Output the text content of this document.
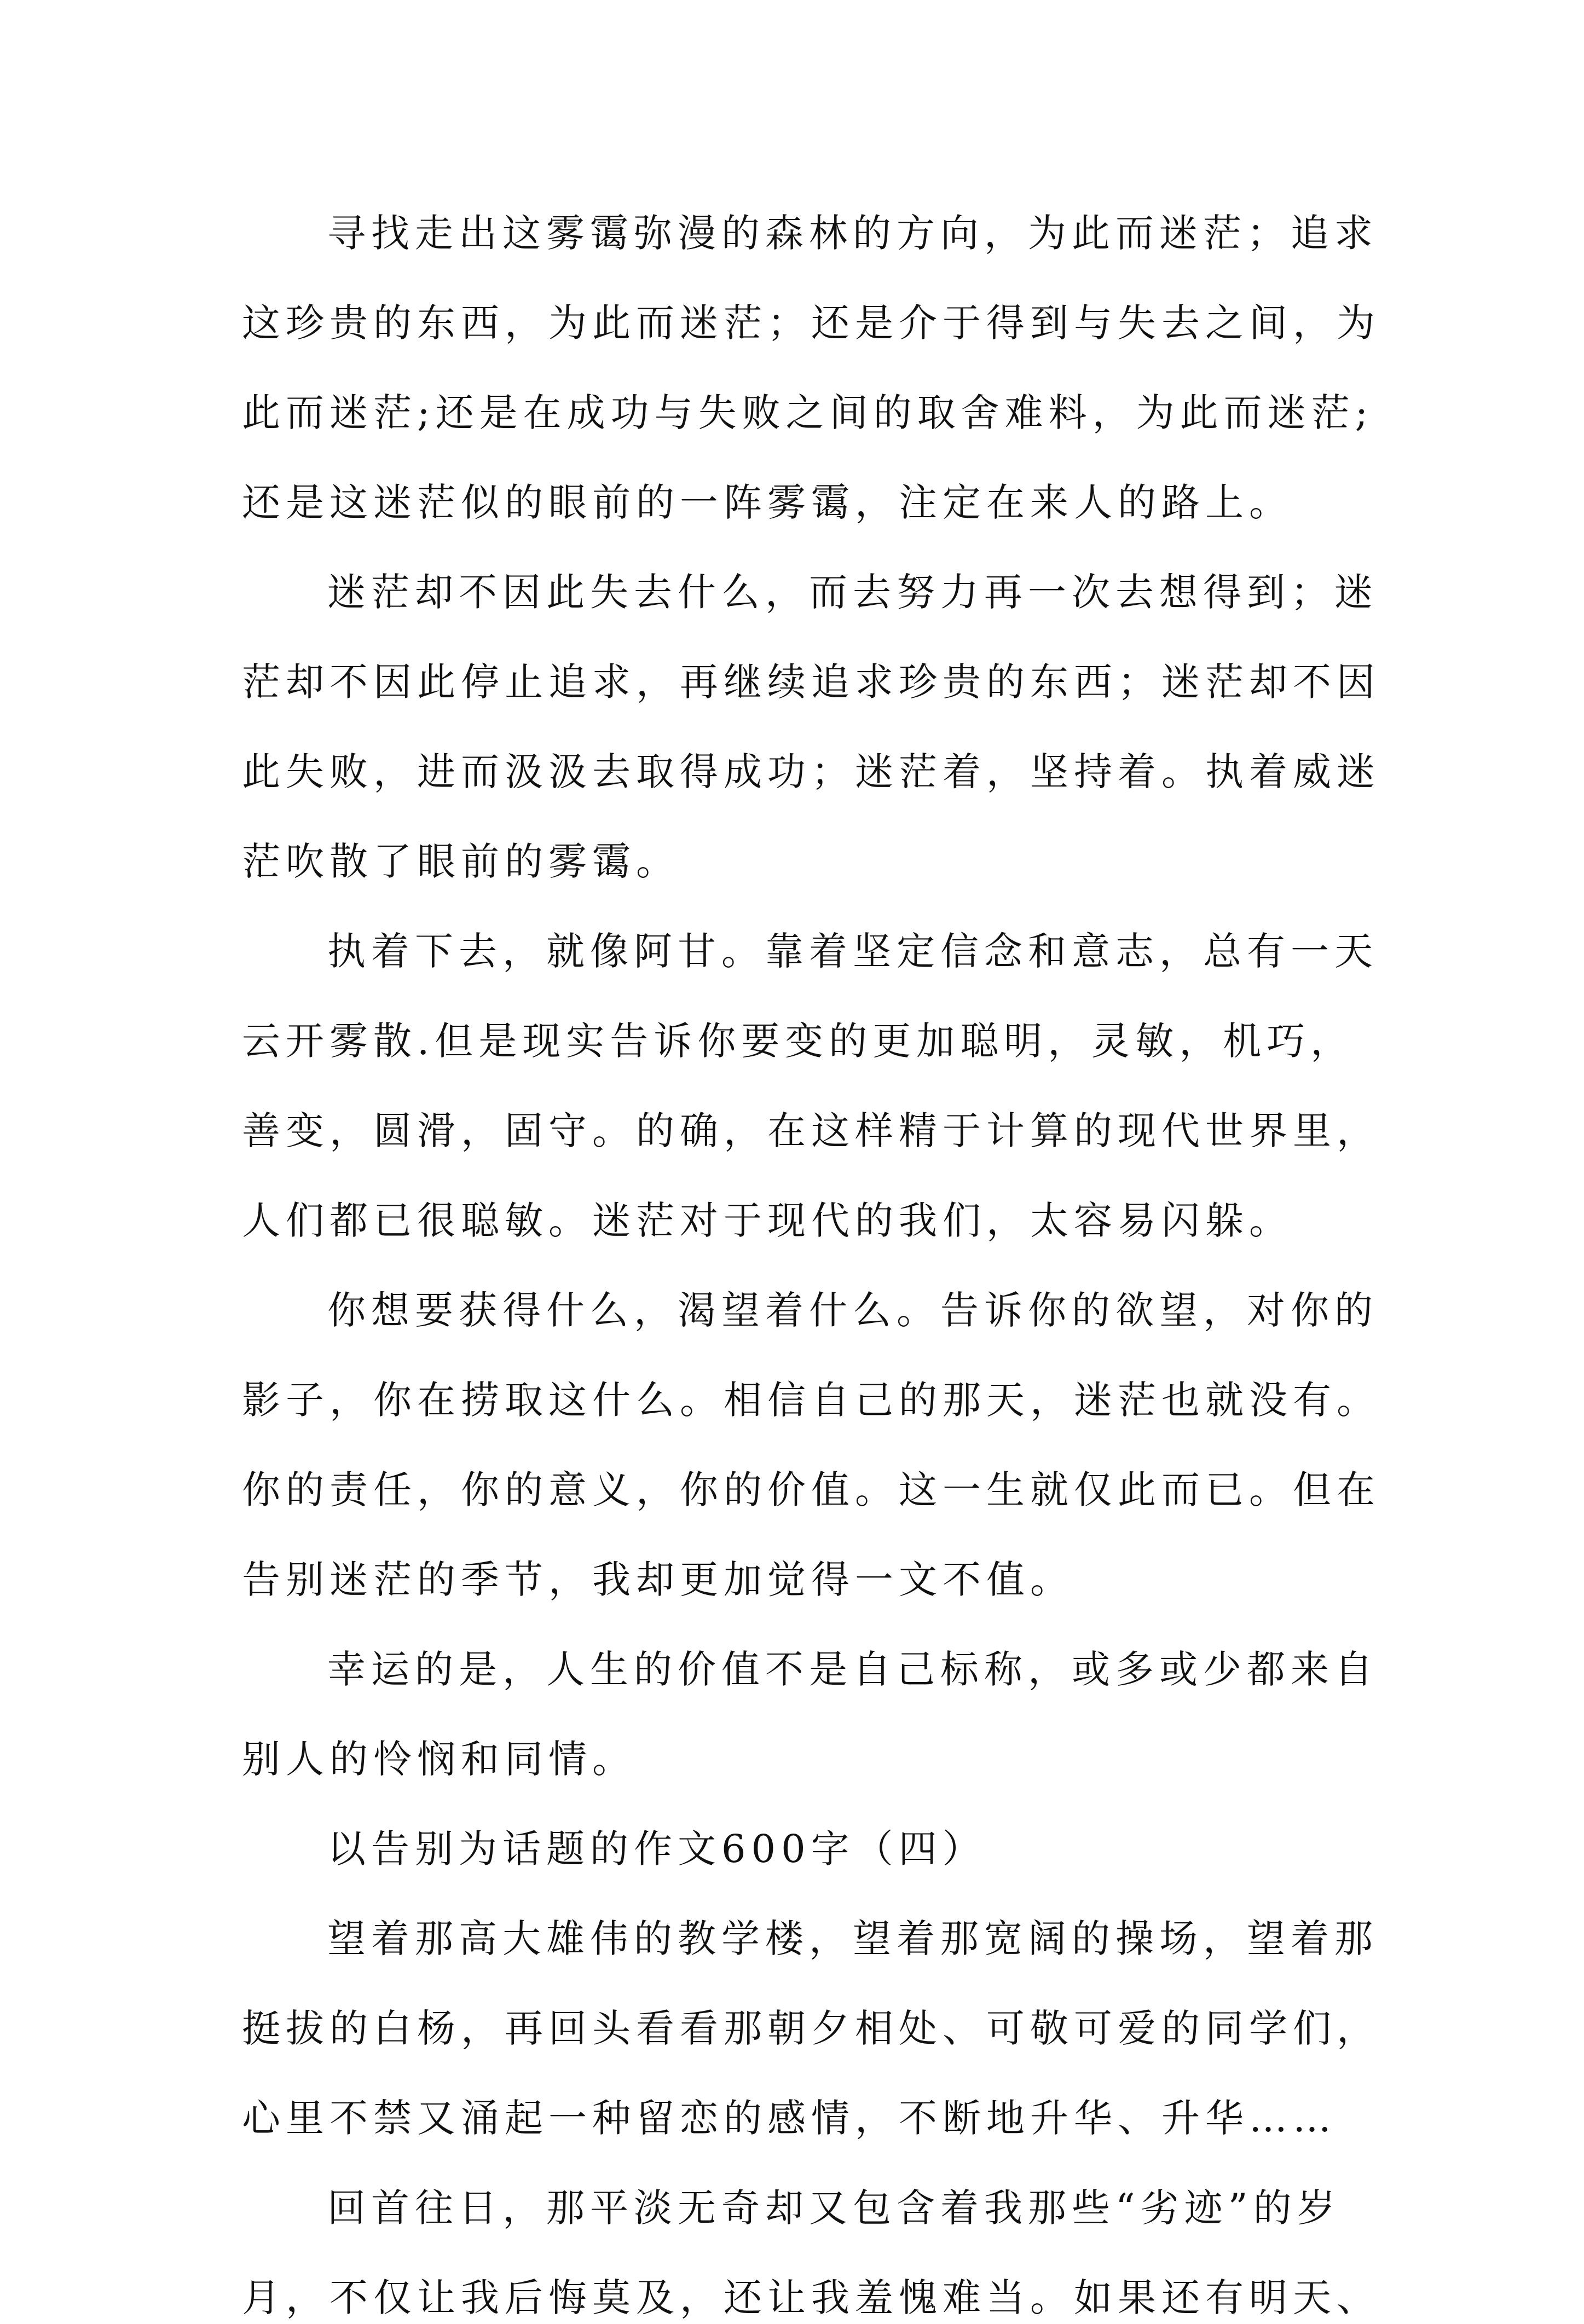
寻找走出这雾霭弥漫的森林的方向，为此而迷茫；追求
这珍贵的东西，为此而迷茫；还是介于得到与失去之间，为
此而迷茫;还是在成功与失败之间的取舍难料，为此而迷茫;
还是这迷茫似的眼前的一阵雾霭，注定在来人的路上。
迷茫却不因此失去什么，而去努力再一次去想得到；迷
茫却不因此停止追求，再继续追求珍贵的东西；迷茫却不因
此失败，进而汲汲去取得成功；迷茫着，坚持着。执着威迷
茫吹散了眼前的雾霭。
执着下去，就像阿甘。靠着坚定信念和意志，总有一天
云开雾散.但是现实告诉你要变的更加聪明，灵敏，机巧，
善变，圆滑，固守。的确，在这样精于计算的现代世界里，
人们都已很聪敏。迷茫对于现代的我们，太容易闪躲。
你想要获得什么，渴望着什么。告诉你的欲望，对你的
影子，你在捞取这什么。相信自己的那天，迷茫也就没有。
你的责任，你的意义，你的价值。这一生就仅此而已。但在
告别迷茫的季节，我却更加觉得一文不值。
幸运的是，人生的价值不是自己标称，或多或少都来自
别人的怜悯和同情。
以告别为话题的作文600字（四）
望着那高大雄伟的教学楼，望着那宽阔的操场，望着那
挺拔的白杨，再回头看看那朝夕相处、可敬可爱的同学们，
心里不禁又涌起一种留恋的感情，不断地升华、升华……
回首往日，那平淡无奇却又包含着我那些“劣迹”的岁
月，不仅让我后悔莫及，还让我羞愧难当。如果还有明天、
